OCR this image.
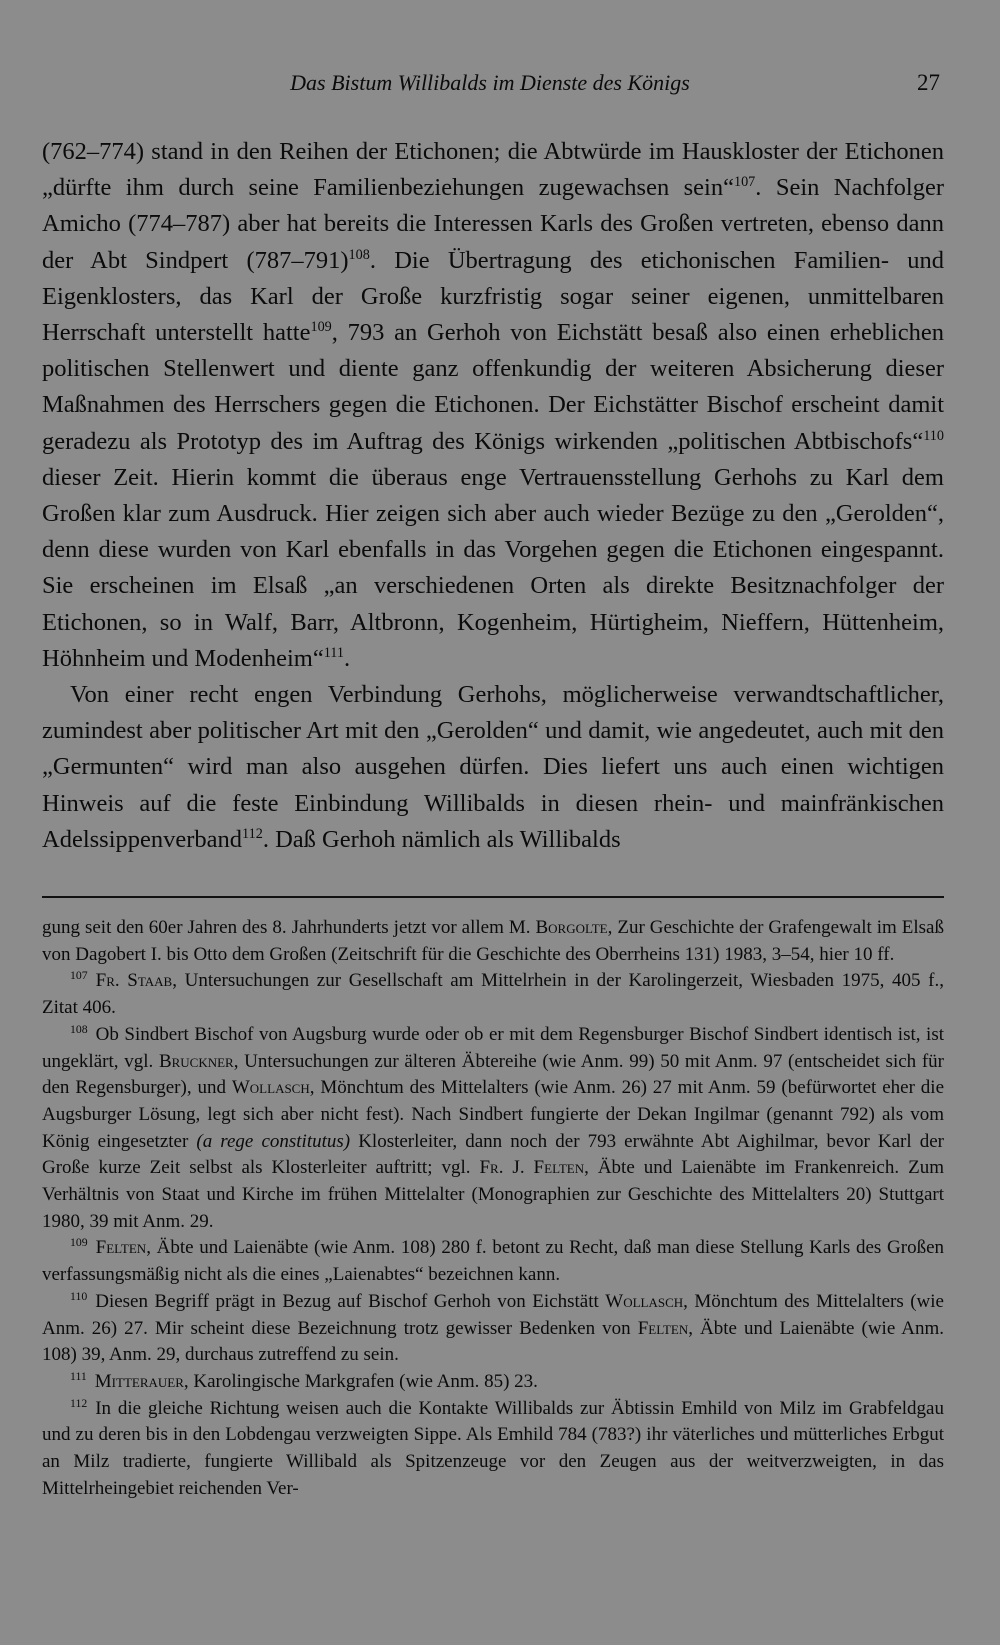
Das Bistum Willibalds im Dienste des Königs	27

(762–774) stand in den Reihen der Etichonen; die Abtwürde im Hauskloster der Etichonen „dürfte ihm durch seine Familienbeziehungen zugewachsen sein“$^{107}$. Sein Nachfolger Amicho (774–787) aber hat bereits die Interessen Karls des Großen vertreten, ebenso dann der Abt Sindpert $(787-791)^{108}$. Die Übertragung des etichonischen Familien- und Eigenklosters, das Karl der Große kurzfristig sogar seiner eigenen, unmittelbaren Herrschaft unterstellt hatte$^{109}$, 793 an Gerhoh von Eichstätt besaß also einen erheblichen politischen Stellenwert und diente ganz offenkundig der weiteren Absicherung dieser Maßnahmen des Herrschers gegen die Etichonen. Der Eichstätter Bischof erscheint damit geradezu als Prototyp des im Auftrag des Königs wirkenden „politischen Abtbischofs“$^{110}$ dieser Zeit. Hierin kommt die überaus enge Vertrauensstellung Gerhohs zu Karl dem Großen klar zum Ausdruck. Hier zeigen sich aber auch wieder Bezüge zu den „Gerolden“, denn diese wurden von Karl ebenfalls in das Vorgehen gegen die Etichonen eingespannt. Sie erscheinen im Elsaß „an verschiedenen Orten als direkte Besitznachfolger der Etichonen, so in Walf, Barr, Altbronn, Kogenheim, Hürtigheim, Nieffern, Hüttenheim, Höhnheim und Modenheim“$^{111}$.

Von einer recht engen Verbindung Gerhohs, möglicherweise verwandtschaftlicher, zumindest aber politischer Art mit den „Gerolden“ und damit, wie angedeutet, auch mit den „Germunten“ wird man also ausgehen dürfen. Dies liefert uns auch einen wichtigen Hinweis auf die feste Einbindung Willibalds in diesen rhein- und mainfränkischen Adelssippenverband$^{112}$. Daß Gerhoh nämlich als Willibalds

gung seit den 60er Jahren des 8. Jahrhunderts jetzt vor allem M. Borgolte, Zur Geschichte der Grafengewalt im Elsaß von Dagobert I. bis Otto dem Großen (Zeitschrift für die Geschichte des Oberrheins 131) 1983, 3–54, hier 10 ff.

107 Fr. Staab, Untersuchungen zur Gesellschaft am Mittelrhein in der Karolingerzeit, Wiesbaden 1975, 405 f., Zitat 406.

108 Ob Sindbert Bischof von Augsburg wurde oder ob er mit dem Regensburger Bischof Sindbert identisch ist, ist ungeklärt, vgl. Bruckner, Untersuchungen zur älteren Äbtereihe (wie Anm. 99) 50 mit Anm. 97 (entscheidet sich für den Regensburger), und Wollasch, Mönchtum des Mittelalters (wie Anm. 26) 27 mit Anm. 59 (befürwortet eher die Augsburger Lösung, legt sich aber nicht fest). Nach Sindbert fungierte der Dekan Ingilmar (genannt 792) als vom König eingesetzter (a rege constitutus) Klosterleiter, dann noch der 793 erwähnte Abt Aighilmar, bevor Karl der Große kurze Zeit selbst als Klosterleiter auftritt; vgl. Fr. J. Felten, Äbte und Laienäbte im Frankenreich. Zum Verhältnis von Staat und Kirche im frühen Mittelalter (Monographien zur Geschichte des Mittelalters 20) Stuttgart 1980, 39 mit Anm. 29.

109 Felten, Äbte und Laienäbte (wie Anm. 108) 280 f. betont zu Recht, daß man diese Stellung Karls des Großen verfassungsmäßig nicht als die eines „Laienabtes“ bezeichnen kann.

110 Diesen Begriff prägt in Bezug auf Bischof Gerhoh von Eichstätt Wollasch, Mönchtum des Mittelalters (wie Anm. 26) 27. Mir scheint diese Bezeichnung trotz gewisser Bedenken von Felten, Äbte und Laienäbte (wie Anm. 108) 39, Anm. 29, durchaus zutreffend zu sein.

111 Mitterauer, Karolingische Markgrafen (wie Anm. 85) 23.

112 In die gleiche Richtung weisen auch die Kontakte Willibalds zur Äbtissin Emhild von Milz im Grabfeldgau und zu deren bis in den Lobdengau verzweigten Sippe. Als Emhild 784 (783?) ihr väterliches und mütterliches Erbgut an Milz tradierte, fungierte Willibald als Spitzenzeuge vor den Zeugen aus der weitverzweigten, in das Mittelrheingebiet reichenden Ver-
